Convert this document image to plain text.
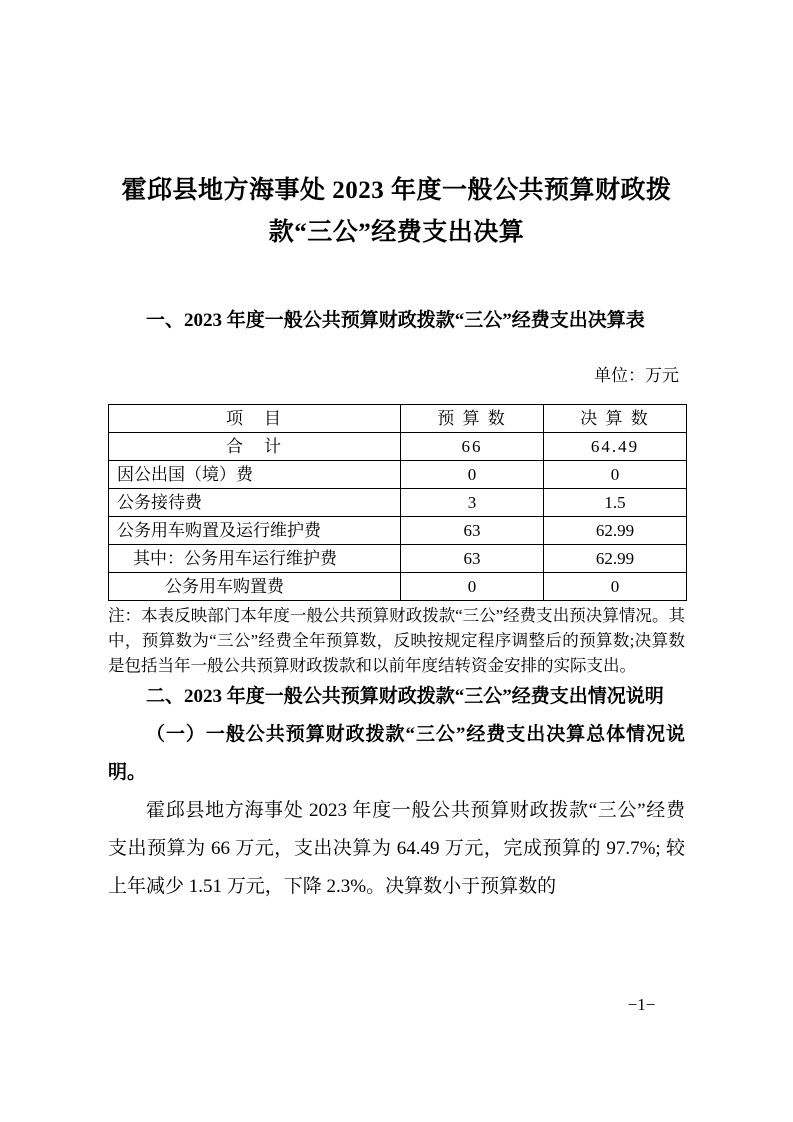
霍邱县地方海事处 2023 年度一般公共预算财政拨款“三公”经费支出决算

一、2023 年度一般公共预算财政拨款“三公”经费支出决算表

单位：万元

项　目	预 算 数	决 算 数
合　计	66	64.49
因公出国（境）费	0	0
公务接待费	3	1.5
公务用车购置及运行维护费	63	62.99
其中：公务用车运行维护费	63	62.99
公务用车购置费	0	0

注：本表反映部门本年度一般公共预算财政拨款“三公”经费支出预决算情况。其中，预算数为“三公”经费全年预算数，反映按规定程序调整后的预算数;决算数是包括当年一般公共预算财政拨款和以前年度结转资金安排的实际支出。

二、2023 年度一般公共预算财政拨款“三公”经费支出情况说明

（一）一般公共预算财政拨款“三公”经费支出决算总体情况说明。

霍邱县地方海事处 2023 年度一般公共预算财政拨款“三公”经费支出预算为 66 万元，支出决算为 64.49 万元，完成预算的 97.7%; 较上年减少 1.51 万元，下降 2.3%。决算数小于预算数的

−1−
